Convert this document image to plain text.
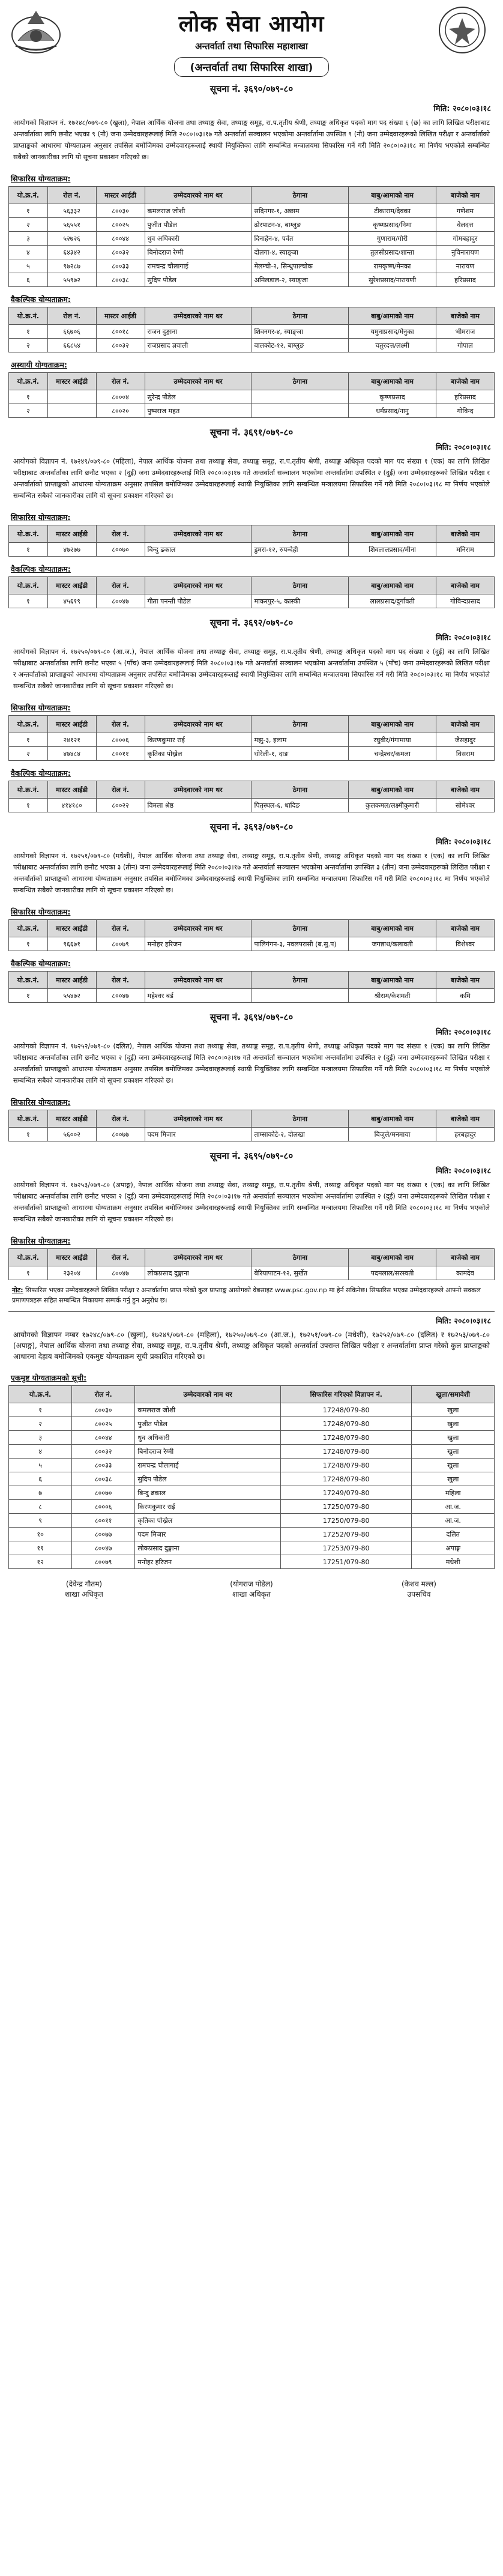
लोक सेवा आयोग
अन्तर्वार्ता तथा सिफारिस महाशाखा
(अन्तर्वार्ता तथा सिफारिस शाखा)
सूचना नं. ३६९०/०७९-८०
मिति: २०८०।०३।१८
आयोगको विज्ञापन नं. १७२४८/०७९-८० (खुला), नेपाल आर्थिक योजना तथा तथ्याङ्क सेवा, तथ्याङ्क समूह, रा.प.तृतीय श्रेणी, तथ्याङ्क अधिकृत पदको माग पद संख्या ६ (छ) का लागि लिखित परीक्षाबाट अन्तर्वार्ताका लागि छनौट भएका ९ (नौ) जना उम्मेदवारहरूलाई मिति २०८०।०३।१७ गते अन्तर्वार्ता सञ्चालन भएकोमा अन्तर्वार्तामा उपस्थित ९ (नौ) जना उम्मेदवारहरूको लिखित परीक्षा र अन्तर्वार्ताको प्राप्ताङ्कको आधारमा योग्यताक्रम अनुसार तपसिल बमोजिमका उम्मेदवारहरूलाई स्थायी नियुक्तिका लागि सम्बन्धित मन्त्रालयमा सिफारिस गर्ने गरी मिति २०८०।०३।१८ मा निर्णय भएकोले सम्बन्धित सबैको जानकारीका लागि यो सूचना प्रकाशन गरिएको छ।
सिफारिस योग्यताक्रम:
यो.क्र.नं.	रोल नं.	मास्टर आईडी	उम्मेदवारको नाम थर	ठेगाना	बाबु/आमाको नाम	बाजेको नाम
१	५६३३२	८००३०	कमलराज जोशी	सदिनगर-१, अछाम	टीकाराम/देवका	गणेशम
२	५६५५१	८००२५	पुजीत पौडेल	ढोरपाटन-४, बाग्लुङ	कृष्णप्रसाद/निमा	वेलदत्त
३	५२७२६	८००४४	धुव अधिकारी	दिनाहेन-४, पर्वत	गुणाराम/गोरी	गोमबहादुर
४	६४३४२	८००३२	बिनोदराज रेग्मी	दोलगा-४, स्याङ्जा	तुलसीप्रसाद/शान्ता	नुविनारायण
५	९७२८७	८००३३	रामचन्द्र चौलागाई	मेलम्ची-२, सिन्धुपाल्चोक	रामकृष्ण/मेनका	नारायण
६	५५९७२	८००३८	सुदिप पौडेल	अमिलडाल-२, स्याङ्जा	सुरेशप्रसाद/नारायणी	हरिप्रसाद
वैकल्पिक योग्यताक्रम:
यो.क्र.नं.	रोल नं.	मास्टर आईडी	उम्मेदवारको नाम थर	ठेगाना	बाबु/आमाको नाम	बाजेको नाम
१	६६७०६	८००१८	राजन दुङ्गाना	शिवनगर-४, स्याङ्जा	यमुनाप्रसाद/मेनुका	भीमराज
२	६६८५४	८००३२	राजप्रसाद ज्ञवाली	बालकोट-१२, बाग्लुङ	चतुरदत्त/लक्ष्मी	गोपाल
अस्थायी योग्यताक्रम:
यो.क्र.नं.	मास्टर आईडी	रोल नं.	उम्मेदवारको नाम थर	ठेगाना	बाबु/आमाको नाम	बाजेको नाम
१		८०००४	सुरेन्द्र पौडेल		कृष्णप्रसाद	हरिप्रसाद
२		८००२०	पुष्पराज महत		धर्मप्रसाद/नानु	गोविन्द
सूचना नं. ३६९१/०७९-८०
मिति: २०८०।०३।१८
आयोगको विज्ञापन नं. १७२४९/०७९-८० (महिला), नेपाल आर्थिक योजना तथा तथ्याङ्क सेवा, तथ्याङ्क समूह, रा.प.तृतीय श्रेणी, तथ्याङ्क अधिकृत पदको माग पद संख्या १ (एक) का लागि लिखित परीक्षाबाट अन्तर्वार्ताका लागि छनौट भएका २ (दुई) जना उम्मेदवारहरूलाई मिति २०८०।०३।१७ गते अन्तर्वार्ता सञ्चालन भएकोमा अन्तर्वार्तामा उपस्थित २ (दुई) जना उम्मेदवारहरूको लिखित परीक्षा र अन्तर्वार्ताको प्राप्ताङ्कको आधारमा योग्यताक्रम अनुसार तपसिल बमोजिमका उम्मेदवारहरूलाई स्थायी नियुक्तिका लागि सम्बन्धित मन्त्रालयमा सिफारिस गर्ने गरी मिति २०८०।०३।१८ मा निर्णय भएकोले सम्बन्धित सबैको जानकारीका लागि यो सूचना प्रकाशन गरिएको छ।
सिफारिस योग्यताक्रम:
यो.क्र.नं.	मास्टर आईडी	रोल नं.	उम्मेदवारको नाम थर	ठेगाना	बाबु/आमाको नाम	बाजेको नाम
१	४७२७७	८००७०	बिन्दु ढकाल	डुमरा-१२, रुपन्देही	शिवलालप्रसाद/मीना	मनिराम
वैकल्पिक योग्यताक्रम:
यो.क्र.नं.	मास्टर आईडी	रोल नं.	उम्मेदवारको नाम थर	ठेगाना	बाबु/आमाको नाम	बाजेको नाम
१	४५६१९	८००४७	गीता पनन्ती पौडेल	माकरपुर-५, कास्की	लालप्रसाद/दुर्गावती	गोविन्दप्रसाद
सूचना नं. ३६९२/०७९-८०
मिति: २०८०।०३।१८
आयोगको विज्ञापन नं. १७२५०/०७९-८० (आ.ज.), नेपाल आर्थिक योजना तथा तथ्याङ्क सेवा, तथ्याङ्क समूह, रा.प.तृतीय श्रेणी, तथ्याङ्क अधिकृत पदको माग पद संख्या २ (दुई) का लागि लिखित परीक्षाबाट अन्तर्वार्ताका लागि छनौट भएका ५ (पाँच) जना उम्मेदवारहरूलाई मिति २०८०।०३।१७ गते अन्तर्वार्ता सञ्चालन भएकोमा अन्तर्वार्तामा उपस्थित ५ (पाँच) जना उम्मेदवारहरूको लिखित परीक्षा र अन्तर्वार्ताको प्राप्ताङ्कको आधारमा योग्यताक्रम अनुसार तपसिल बमोजिमका उम्मेदवारहरूलाई स्थायी नियुक्तिका लागि सम्बन्धित मन्त्रालयमा सिफारिस गर्ने गरी मिति २०८०।०३।१८ मा निर्णय भएकोले सम्बन्धित सबैको जानकारीका लागि यो सूचना प्रकाशन गरिएको छ।
सिफारिस योग्यताक्रम:
यो.क्र.नं.	मास्टर आईडी	रोल नं.	उम्मेदवारको नाम थर	ठेगाना	बाबु/आमाको नाम	बाजेको नाम
१	२४१२१	८०००६	किरणकुमार राई	मझु-३, इलाम	रघुवीर/गंगामाया	जैसहादुर
२	४७४८४	८००११	कृतिका पोख्रेल	धोरेली-१, दाङ	चन्द्रेश्वर/कमला	विसराम
वैकल्पिक योग्यताक्रम:
यो.क्र.नं.	मास्टर आईडी	रोल नं.	उम्मेदवारको नाम थर	ठेगाना	बाबु/आमाको नाम	बाजेको नाम
१	४१४१८०	८००२२	विमला श्रेष्ठ	पितृस्थल-६, धादिङ	कुलकमल/लक्ष्मीकुमारी	सोमेश्वर
सूचना नं. ३६९३/०७९-८०
मिति: २०८०।०३।१८
आयोगको विज्ञापन नं. १७२५१/०७९-८० (मधेशी), नेपाल आर्थिक योजना तथा तथ्याङ्क सेवा, तथ्याङ्क समूह, रा.प.तृतीय श्रेणी, तथ्याङ्क अधिकृत पदको माग पद संख्या १ (एक) का लागि लिखित परीक्षाबाट अन्तर्वार्ताका लागि छनौट भएका ३ (तीन) जना उम्मेदवारहरूलाई मिति २०८०।०३।१७ गते अन्तर्वार्ता सञ्चालन भएकोमा अन्तर्वार्तामा उपस्थित ३ (तीन) जना उम्मेदवारहरूको लिखित परीक्षा र अन्तर्वार्ताको प्राप्ताङ्कको आधारमा योग्यताक्रम अनुसार तपसिल बमोजिमका उम्मेदवारहरूलाई स्थायी नियुक्तिका लागि सम्बन्धित मन्त्रालयमा सिफारिस गर्ने गरी मिति २०८०।०३।१८ मा निर्णय भएकोले सम्बन्धित सबैको जानकारीका लागि यो सूचना प्रकाशन गरिएको छ।
सिफारिस योग्यताक्रम:
यो.क्र.नं.	मास्टर आईडी	रोल नं.	उम्मेदवारको नाम थर	ठेगाना	बाबु/आमाको नाम	बाजेको नाम
१	९६६७१	८००७९	मनोहर हरिजन	पालिगंगन-३, नवलपरासी (ब.सु.प)	जगन्नाथ/कलावती	विशेश्वर
वैकल्पिक योग्यताक्रम:
यो.क्र.नं.	मास्टर आईडी	रोल नं.	उम्मेदवारको नाम थर	ठेगाना	बाबु/आमाको नाम	बाजेको नाम
१	५५४७२	८००४७	महेश्वर बर्ड		श्रीराम/केशमती	कमि
सूचना नं. ३६९४/०७९-८०
मिति: २०८०।०३।१८
आयोगको विज्ञापन नं. १७२५२/०७९-८० (दलित), नेपाल आर्थिक योजना तथा तथ्याङ्क सेवा, तथ्याङ्क समूह, रा.प.तृतीय श्रेणी, तथ्याङ्क अधिकृत पदको माग पद संख्या १ (एक) का लागि लिखित परीक्षाबाट अन्तर्वार्ताका लागि छनौट भएका २ (दुई) जना उम्मेदवारहरूलाई मिति २०८०।०३।१७ गते अन्तर्वार्ता सञ्चालन भएकोमा अन्तर्वार्तामा उपस्थित २ (दुई) जना उम्मेदवारहरूको लिखित परीक्षा र अन्तर्वार्ताको प्राप्ताङ्कको आधारमा योग्यताक्रम अनुसार तपसिल बमोजिमका उम्मेदवारहरूलाई स्थायी नियुक्तिका लागि सम्बन्धित मन्त्रालयमा सिफारिस गर्ने गरी मिति २०८०।०३।१८ मा निर्णय भएकोले सम्बन्धित सबैको जानकारीका लागि यो सूचना प्रकाशन गरिएको छ।
सिफारिस योग्यताक्रम:
यो.क्र.नं.	मास्टर आईडी	रोल नं.	उम्मेदवारको नाम थर	ठेगाना	बाबु/आमाको नाम	बाजेको नाम
१	५६००२	८००७७	पदम मिजार	ताम्साकोटे-२, दोलखा	बिजुले/मनमाया	हरबहादुर
सूचना नं. ३६९५/०७९-८०
मिति: २०८०।०३।१८
आयोगको विज्ञापन नं. १७२५३/०७९-८० (अपाङ्ग), नेपाल आर्थिक योजना तथा तथ्याङ्क सेवा, तथ्याङ्क समूह, रा.प.तृतीय श्रेणी, तथ्याङ्क अधिकृत पदको माग पद संख्या १ (एक) का लागि लिखित परीक्षाबाट अन्तर्वार्ताका लागि छनौट भएका २ (दुई) जना उम्मेदवारहरूलाई मिति २०८०।०३।१७ गते अन्तर्वार्ता सञ्चालन भएकोमा अन्तर्वार्तामा उपस्थित २ (दुई) जना उम्मेदवारहरूको लिखित परीक्षा र अन्तर्वार्ताको प्राप्ताङ्कको आधारमा योग्यताक्रम अनुसार तपसिल बमोजिमका उम्मेदवारहरूलाई स्थायी नियुक्तिका लागि सम्बन्धित मन्त्रालयमा सिफारिस गर्ने गरी मिति २०८०।०३।१८ मा निर्णय भएकोले सम्बन्धित सबैको जानकारीका लागि यो सूचना प्रकाशन गरिएको छ।
सिफारिस योग्यताक्रम:
यो.क्र.नं.	मास्टर आईडी	रोल नं.	उम्मेदवारको नाम थर	ठेगाना	बाबु/आमाको नाम	बाजेको नाम
१	२३२०४	८००४७	लोकप्रसाद दुङ्गाना	बेरियापाटन-१२, सुर्खेत	पदमलाल/सरस्वती	कामदेव
नोट: सिफारिस भएका उम्मेदवारहरूले लिखित परीक्षा र अन्तर्वार्तामा प्राप्त गरेको कुल प्राप्ताङ्क आयोगको वेबसाइट www.psc.gov.np मा हेर्न सकिनेछ। सिफारिस भएका उम्मेदवारहरूले आफ्नो सक्कल प्रमाणपत्रहरू सहित सम्बन्धित निकायमा सम्पर्क गर्नु हुन अनुरोध छ।
मिति: २०८०।०३।१८
आयोगको विज्ञापन नम्बर १७२४८/०७९-८० (खुला), १७२४९/०७९-८० (महिला), १७२५०/०७९-८० (आ.ज.), १७२५१/०७९-८० (मधेशी), १७२५२/०७९-८० (दलित) र १७२५३/०७९-८० (अपाङ्ग), नेपाल आर्थिक योजना तथा तथ्याङ्क सेवा, तथ्याङ्क समूह, रा.प.तृतीय श्रेणी, तथ्याङ्क अधिकृत पदको अन्तर्वार्ता उपरान्त लिखित परीक्षा र अन्तर्वार्तामा प्राप्त गरेको कुल प्राप्ताङ्कको आधारमा देहाय बमोजिमको एकमुष्ट योग्यताक्रम सूची प्रकाशित गरिएको छ।
एकमुष्ट योग्यताक्रमको सूची:
यो.क्र.नं.	रोल नं.	उम्मेदवारको नाम थर	सिफारिस गरिएको विज्ञापन नं.	खुला/समावेशी
१	८००३०	कमलराज जोशी	17248/079-80	खुला
२	८००२५	पुजीत पौडेल	17248/079-80	खुला
३	८००४४	धुव अधिकारी	17248/079-80	खुला
४	८००३२	बिनोदराज रेग्मी	17248/079-80	खुला
५	८००३३	रामचन्द्र चौलागाई	17248/079-80	खुला
६	८००३८	सुदिप पौडेल	17248/079-80	खुला
७	८००७०	बिन्दु ढकाल	17249/079-80	महिला
८	८०००६	किरणकुमार राई	17250/079-80	आ.ज.
९	८००११	कृतिका पोख्रेल	17250/079-80	आ.ज.
१०	८००७७	पदम मिजार	17252/079-80	दलित
११	८००४७	लोकप्रसाद दुङ्गाना	17253/079-80	अपाङ्ग
१२	८००७९	मनोहर हरिजन	17251/079-80	मधेशी
(देवेन्द्र गौतम)
शाखा अधिकृत
(योगराज पोडेल)
शाखा अधिकृत
(केशव मल्ल)
उपसचिव
